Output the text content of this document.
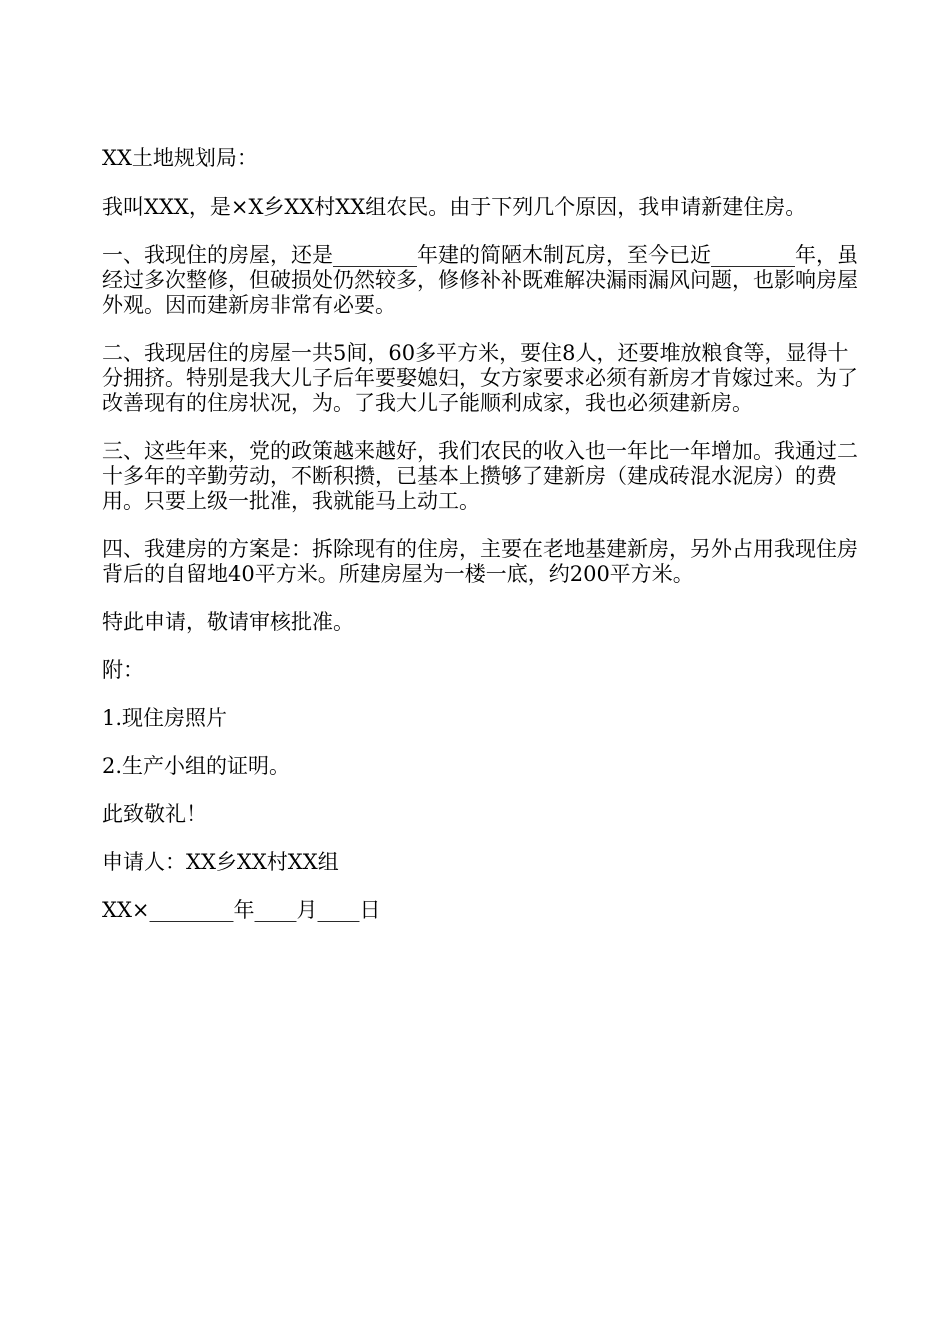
XX土地规划局：

我叫XXX，是×X乡XX村XX组农民。由于下列几个原因，我申请新建住房。

一、我现住的房屋，还是________年建的简陋木制瓦房，至今已近________年，虽经过多次整修，但破损处仍然较多，修修补补既难解决漏雨漏风问题，也影响房屋外观。因而建新房非常有必要。

二、我现居住的房屋一共5间，60多平方米，要住8人，还要堆放粮食等，显得十分拥挤。特别是我大儿子后年要娶媳妇，女方家要求必须有新房才肯嫁过来。为了改善现有的住房状况，为。了我大儿子能顺利成家，我也必须建新房。

三、这些年来，党的政策越来越好，我们农民的收入也一年比一年增加。我通过二十多年的辛勤劳动，不断积攒，已基本上攒够了建新房（建成砖混水泥房）的费用。只要上级一批准，我就能马上动工。

四、我建房的方案是：拆除现有的住房，主要在老地基建新房，另外占用我现住房背后的自留地40平方米。所建房屋为一楼一底，约200平方米。

特此申请，敬请审核批准。

附：

1.现住房照片

2.生产小组的证明。

此致敬礼！

申请人：XX乡XX村XX组

XX×________年____月____日
